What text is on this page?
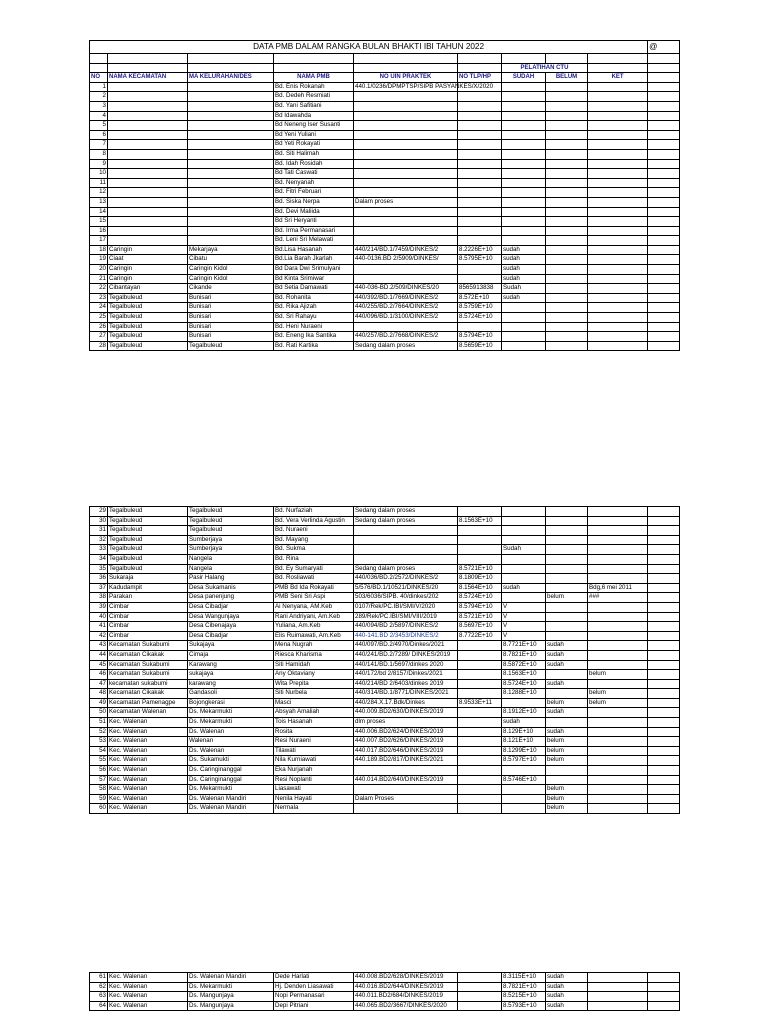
DATA PMB DALAM RANGKA BULAN BHAKTI IBI TAHUN 2022									@

						PELATIHAN CTU			
NO	NAMA KECAMATAN	MA KELURAHAN/DES	NAMA PMB	NO UIN PRAKTEK	NO TLP/HP	SUDAH	BELUM	KET	
1			Bd. Enis Rokanah	440.1/0236/DPMPTSP/SIPB PASYANKES/X/2020					
2			Bd. Dedeh Resmiati						
3			Bd. Yani Safitiani						
4			Bd Idawahda						
5			Bd Neneng Iser Susanti						
6			Bd Yeni Yuliani						
7			Bd Yeti Rokayati						
8			Bd. Siti Halimah						
9			Bd. Idah Rosidah						
10			Bd Tati Caswati						
11			Bd. Nenyanah						
12			Bd. Fitri Februari						
13			Bd. Siska Nerpa	Dalam proses					
14			Bd. Devi Maliida						
15			Bd Sri Heryanti						
16			Bd. Irma Permanasari						
17			Bd. Leni Sri Melawati						
18	Caringin	Mekarjaya	Bd.Lisa Hasanah	440/214/BD.1/7459/DINKES/2	8.2226E+10	sudah			
19	Ciaat	Cibatu	Bd.Lia Barah Jkarlah	440-0136.BD 2/5909/DINKES/	8.5795E+10	sudah			
20	Caringin	Caringin Kidol	Bd Dara Dwi Srimulyani			sudah			
21	Caringin	Caringin Kidol	Bd Kinta Srimiwar			sudah			
22	Cibantayan	Cikande	Bd Setia Damawati	440-036-BD.2/509/DINKES/20	8565913838	Sudah			
23	Tegalbuleud	Bunisari	Bd. Rohanita	440/392/BD.1/7669/DINKES/2	8.572E+10	sudah			
24	Tegalbuleud	Bunisari	Bd. Rika Ajizah	440/255/BD.2/7664/DINKES/2	8.5759E+10				
25	Tegalbuleud	Bunisari	Bd. Sri Rahayu	440/096/BD.1/3100/DINKES/2	8.5724E+10				
26	Tegalbuleud	Bunisari	Bd. Heni Nuraeni						
27	Tegalbuleud	Bunisari	Bd. Eneng Ika Santika	440/257/BD.2/7668/DINKES/2	8.5794E+10				
28	Tegalbuleud	Tegalbuleud	Bd. Rati Kartika	Sedang dalam proses	8.5659E+10				
29	Tegalbuleud	Tegalbuleud	Bd. Nurfaziah	Sedang dalam proses					
30	Tegalbuleud	Tegalbuleud	Bd. Vera Verlinda Agustin	Sedang dalam proses	8.1563E+10				
31	Tegalbuleud	Tegalbuleud	Bd. Nuraeni						
32	Tegalbuleud	Sumberjaya	Bd. Mayang						
33	Tegalbuleud	Sumberjaya	Bd. Sukma			Sudah			
34	Tegalbuleud	Nangela	Bd. Rina						
35	Tegalbuleud	Nangela	Bd. Ey Sumaryati	Sedang dalam proses	8.5721E+10				
36	Sukaraja	Pasir Halang	Bd. Rosliawati	440/036/BD.2/2572/DINKES/2	8.1809E+10				
37	Kadudampit	Desa Sukamanis	PMB Bd Ida Rokayati	5/576/BD.1/10521/DINKES/20	8.1564E+10	sudah		Bdg,6 mei 2011	
38	Parakan	Desa panenjung	PMB Seni Sri Aspi	503/6036/SIPB. 40/dinkes/202	8.5724E+10		belum	###	
39	Cimbar	Desa Cibadjar	Ai Nenyana, AM.Keb	0107/Rek/PC.IBI/SMI/V/2020	8.5794E+10	V			
40	Cimbar	Desa Wangunjaya	Rani Andriyani, Am.Keb	289/Rek/PC.IBI/SMI/VIII/2019	8.5721E+10	V			
41	Cimbar	Desa Cibenajaya	Yuliana, Am.Keb	440/094/BD 2/5897/DINKES/2	8.5697E+10	V			
42	Cimbar	Desa Cibadjar	Elis Ruimawati, Am.Keb	440-141.BD 2/3453/DINKES/2	8.7722E+10	V			
43	Kecamatan Sukabumi	Sukajaya	Mena Nugrah	440/097/BD.2/4970/Dinkes/2021		8.7721E+10	sudah		
44	Kecamatan Cikakak	Cimaja	Riesca Kharisma	440/241/BD.2/7289/ DINKES/2019		8.7821E+10	sudah		
45	Kecamatan Sukabumi	Karawang	Siti Hamidah	440/141/BD.1/5697/dinkes 2020		8.5872E+10	sudah		
46	Kecamatan Sukabumi	sukajaya	Any Oktaviany	440/172/bd 2/8157/Dinkes/2021		8.1563E+10		belum	
47	kecamatan sukabumi	karawang	Wita Prepita	440/214/BD 2/6403/dinkes 2019		8.5724E+10	sudah		
48	Kecamatan Cikakak	Gandasoli	Siti Nurbela	440/314/BD.1/8771/DINKES/2021		8.1288E+10		belum	
49	Kecamatan Pamenagpe	Bojongkerasi	Masci	440/284.X.17.Bdk/Dinkes	8.9533E+11		belum	belum	
50	Kecamatan Walenan	Ds. Mekarmukti	Absyah Amaliah	440.009.BD2/630/DINKES/2019		8.1912E+10	sudah		
51	Kec. Walenan	Ds. Mekarmukti	Tois Hasanah	dlm proses		sudah			
52	Kec. Walenan	Ds. Walenan	Rosita	440.006.BD2/624/DINKES/2019		8.129E+10	sudah		
53	Kec. Walenan	Walenan	Resi Nuraeni	440.007.BD2/626/DINKES/2019		8.121E+10	belum		
54	Kec. Walenan	Ds. Walenan	Tilawati	440.017.BD2/646/DINKES/2019		8.1299E+10	belum		
55	Kec. Walenan	Ds. Sukamukti	Nila Kurniawati	440.189.BD2/817/DINKES/2021		8.5797E+10	belum		
56	Kec. Walenan	Ds. Caringinanggal	Eka Nurjanah						
57	Kec. Walenan	Ds. Caringinanggal	Resi Noplanti	440.014.BD2/640/DINKES/2019		8.5746E+10			
58	Kec. Walenan	Ds. Mekarmukti	Liasawati				belum		
59	Kec. Walenan	Ds. Walenan Mandiri	Nenila Hayati	Dalam Proses			belum		
60	Kec. Walenan	Ds. Walenan Mandiri	Nermala				belum		
61	Kec. Walenan	Ds. Walenan Mandiri	Dede Harlati	440.008.BD2/628/DINKES/2019		8.3115E+10	sudah		
62	Kec. Walenan	Ds. Mekarmukti	Hj. Denden Liasawati	440.016.BD2/644/DINKES/2019		8.7821E+10	sudah		
63	Kec. Walenan	Ds. Mangunjaya	Nopi Permanasari	440.011.BD2/684/DINKES/2019		8.5215E+10	sudah		
64	Kec. Walenan	Ds. Mangunjaya	Depi Pitriani	440.065.BD2/3667/DINKES/2020		8.5793E+10	sudah		
